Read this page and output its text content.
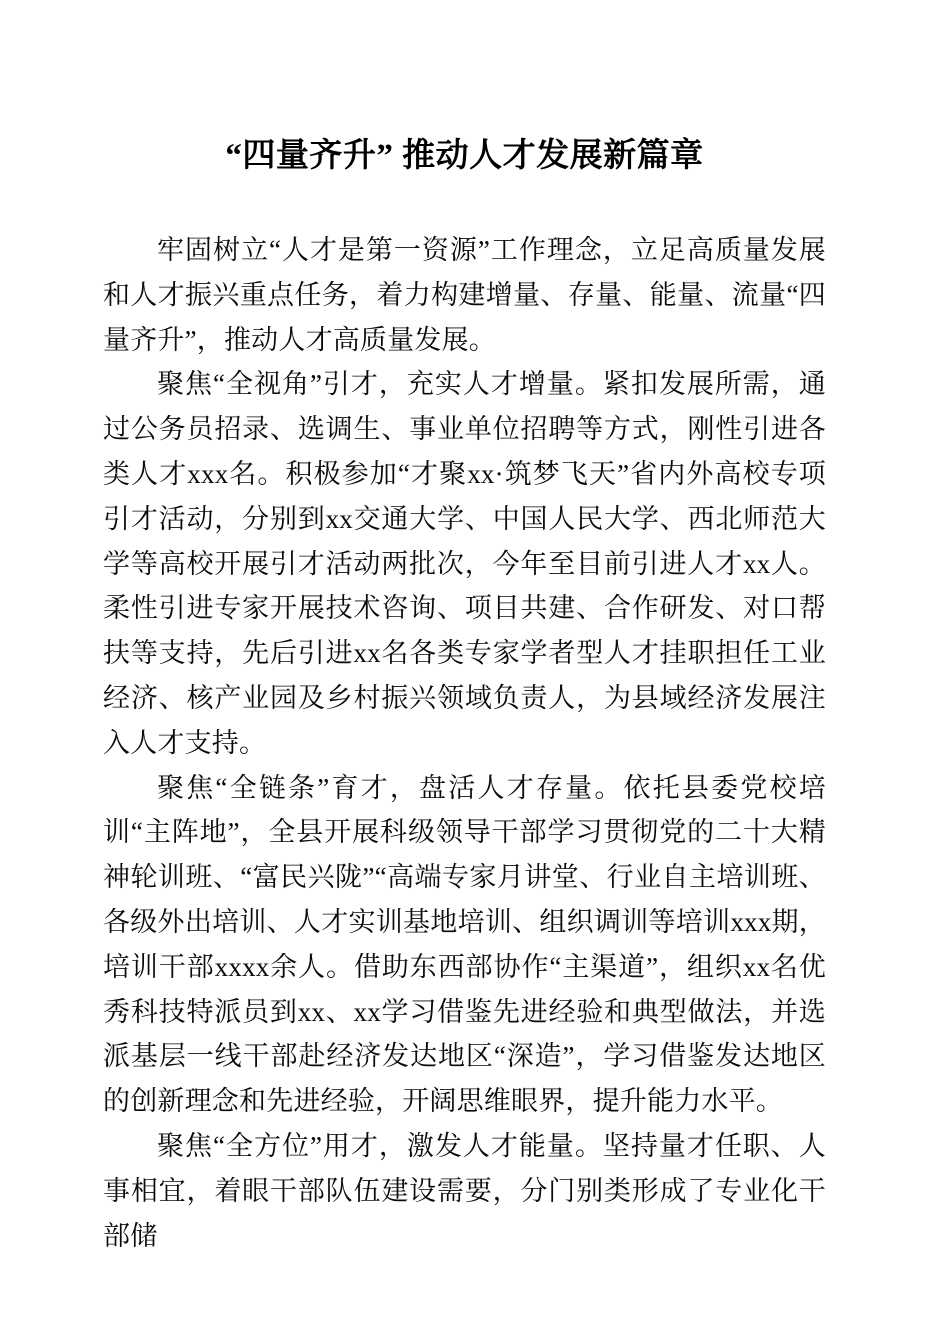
“四量齐升” 推动人才发展新篇章

牢固树立“人才是第一资源”工作理念，立足高质量发展和人才振兴重点任务，着力构建增量、存量、能量、流量“四量齐升”，推动人才高质量发展。

聚焦“全视角”引才，充实人才增量。紧扣发展所需，通过公务员招录、选调生、事业单位招聘等方式，刚性引进各类人才xxx名。积极参加“才聚xx·筑梦飞天”省内外高校专项引才活动，分别到xx交通大学、中国人民大学、西北师范大学等高校开展引才活动两批次，今年至目前引进人才xx人。柔性引进专家开展技术咨询、项目共建、合作研发、对口帮扶等支持，先后引进xx名各类专家学者型人才挂职担任工业经济、核产业园及乡村振兴领域负责人，为县域经济发展注入人才支持。

聚焦“全链条”育才，盘活人才存量。依托县委党校培训“主阵地”，全县开展科级领导干部学习贯彻党的二十大精神轮训班、“富民兴陇”“高端专家月讲堂、行业自主培训班、各级外出培训、人才实训基地培训、组织调训等培训xxx期，培训干部xxxx余人。借助东西部协作“主渠道”，组织xx名优秀科技特派员到xx、xx学习借鉴先进经验和典型做法，并选派基层一线干部赴经济发达地区“深造”，学习借鉴发达地区的创新理念和先进经验，开阔思维眼界，提升能力水平。

聚焦“全方位”用才，激发人才能量。坚持量才任职、人事相宜，着眼干部队伍建设需要，分门别类形成了专业化干部储
